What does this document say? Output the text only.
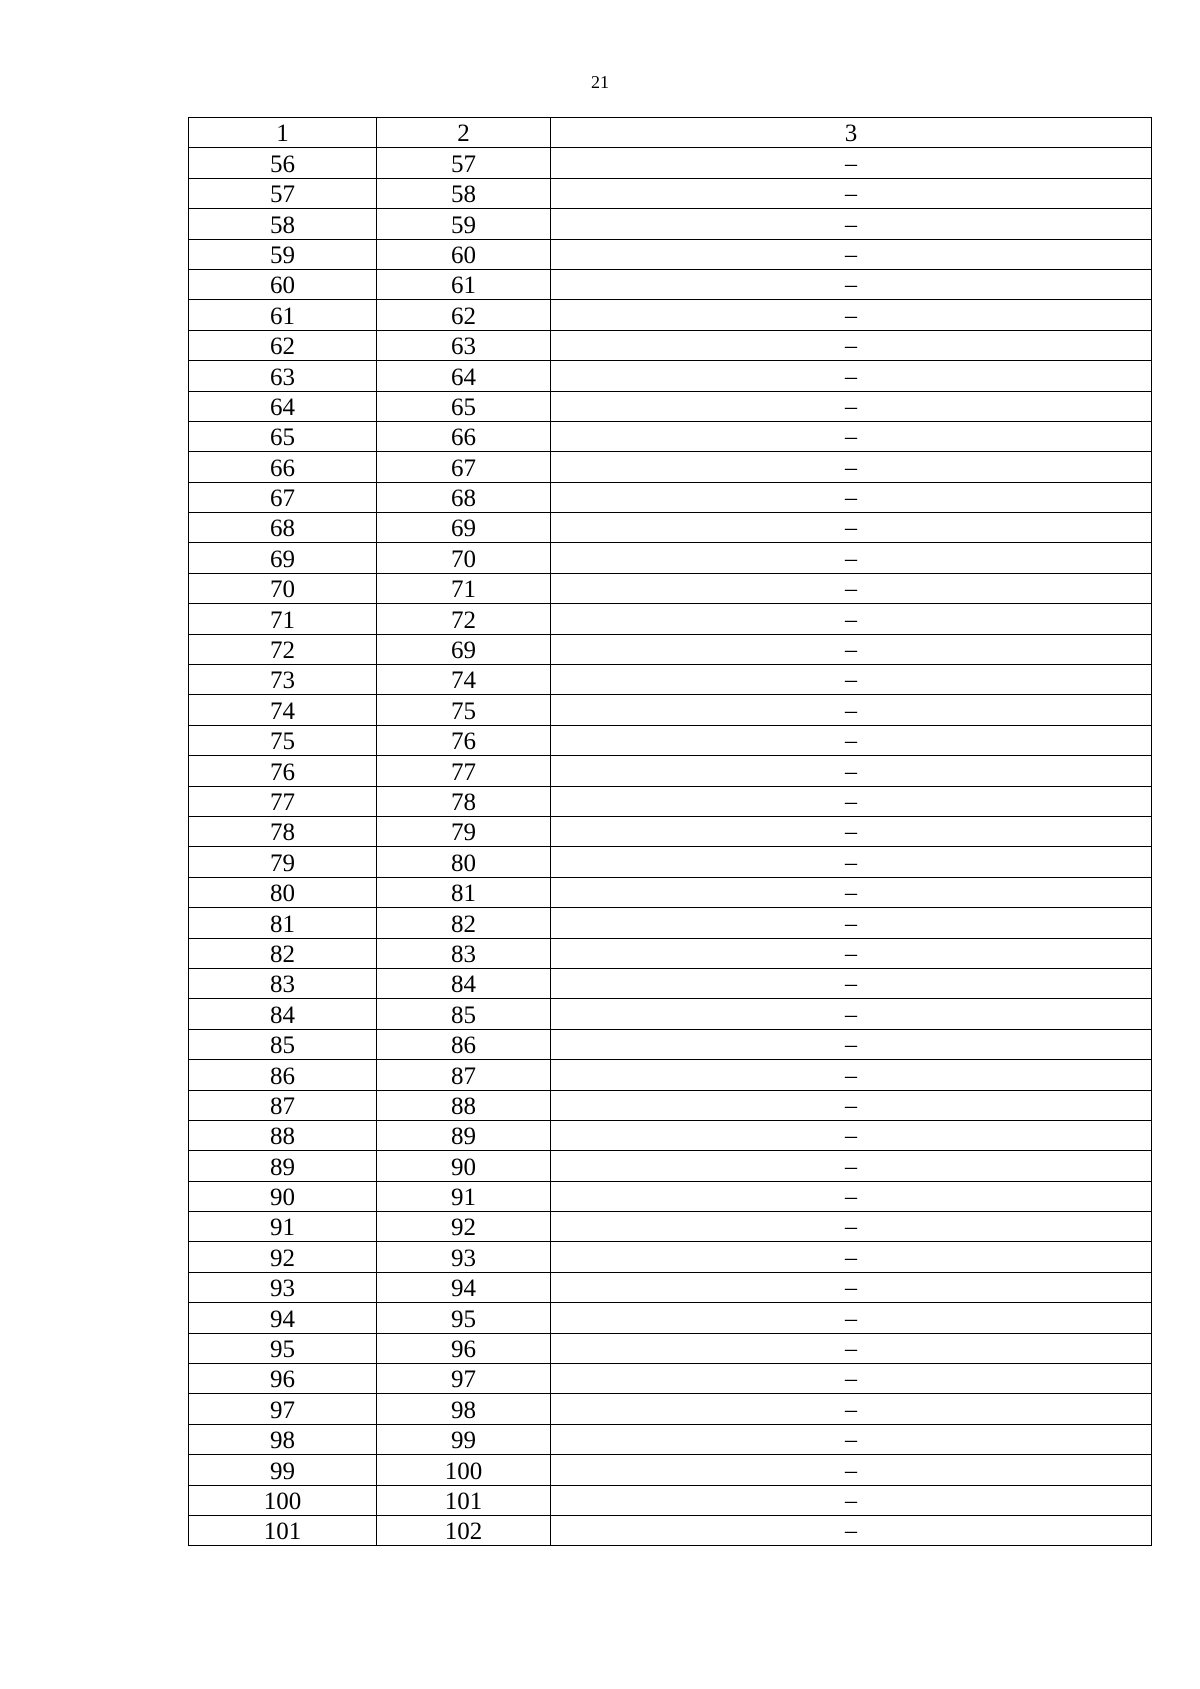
21
1	2	3
56	57	–
57	58	–
58	59	–
59	60	–
60	61	–
61	62	–
62	63	–
63	64	–
64	65	–
65	66	–
66	67	–
67	68	–
68	69	–
69	70	–
70	71	–
71	72	–
72	69	–
73	74	–
74	75	–
75	76	–
76	77	–
77	78	–
78	79	–
79	80	–
80	81	–
81	82	–
82	83	–
83	84	–
84	85	–
85	86	–
86	87	–
87	88	–
88	89	–
89	90	–
90	91	–
91	92	–
92	93	–
93	94	–
94	95	–
95	96	–
96	97	–
97	98	–
98	99	–
99	100	–
100	101	–
101	102	–
